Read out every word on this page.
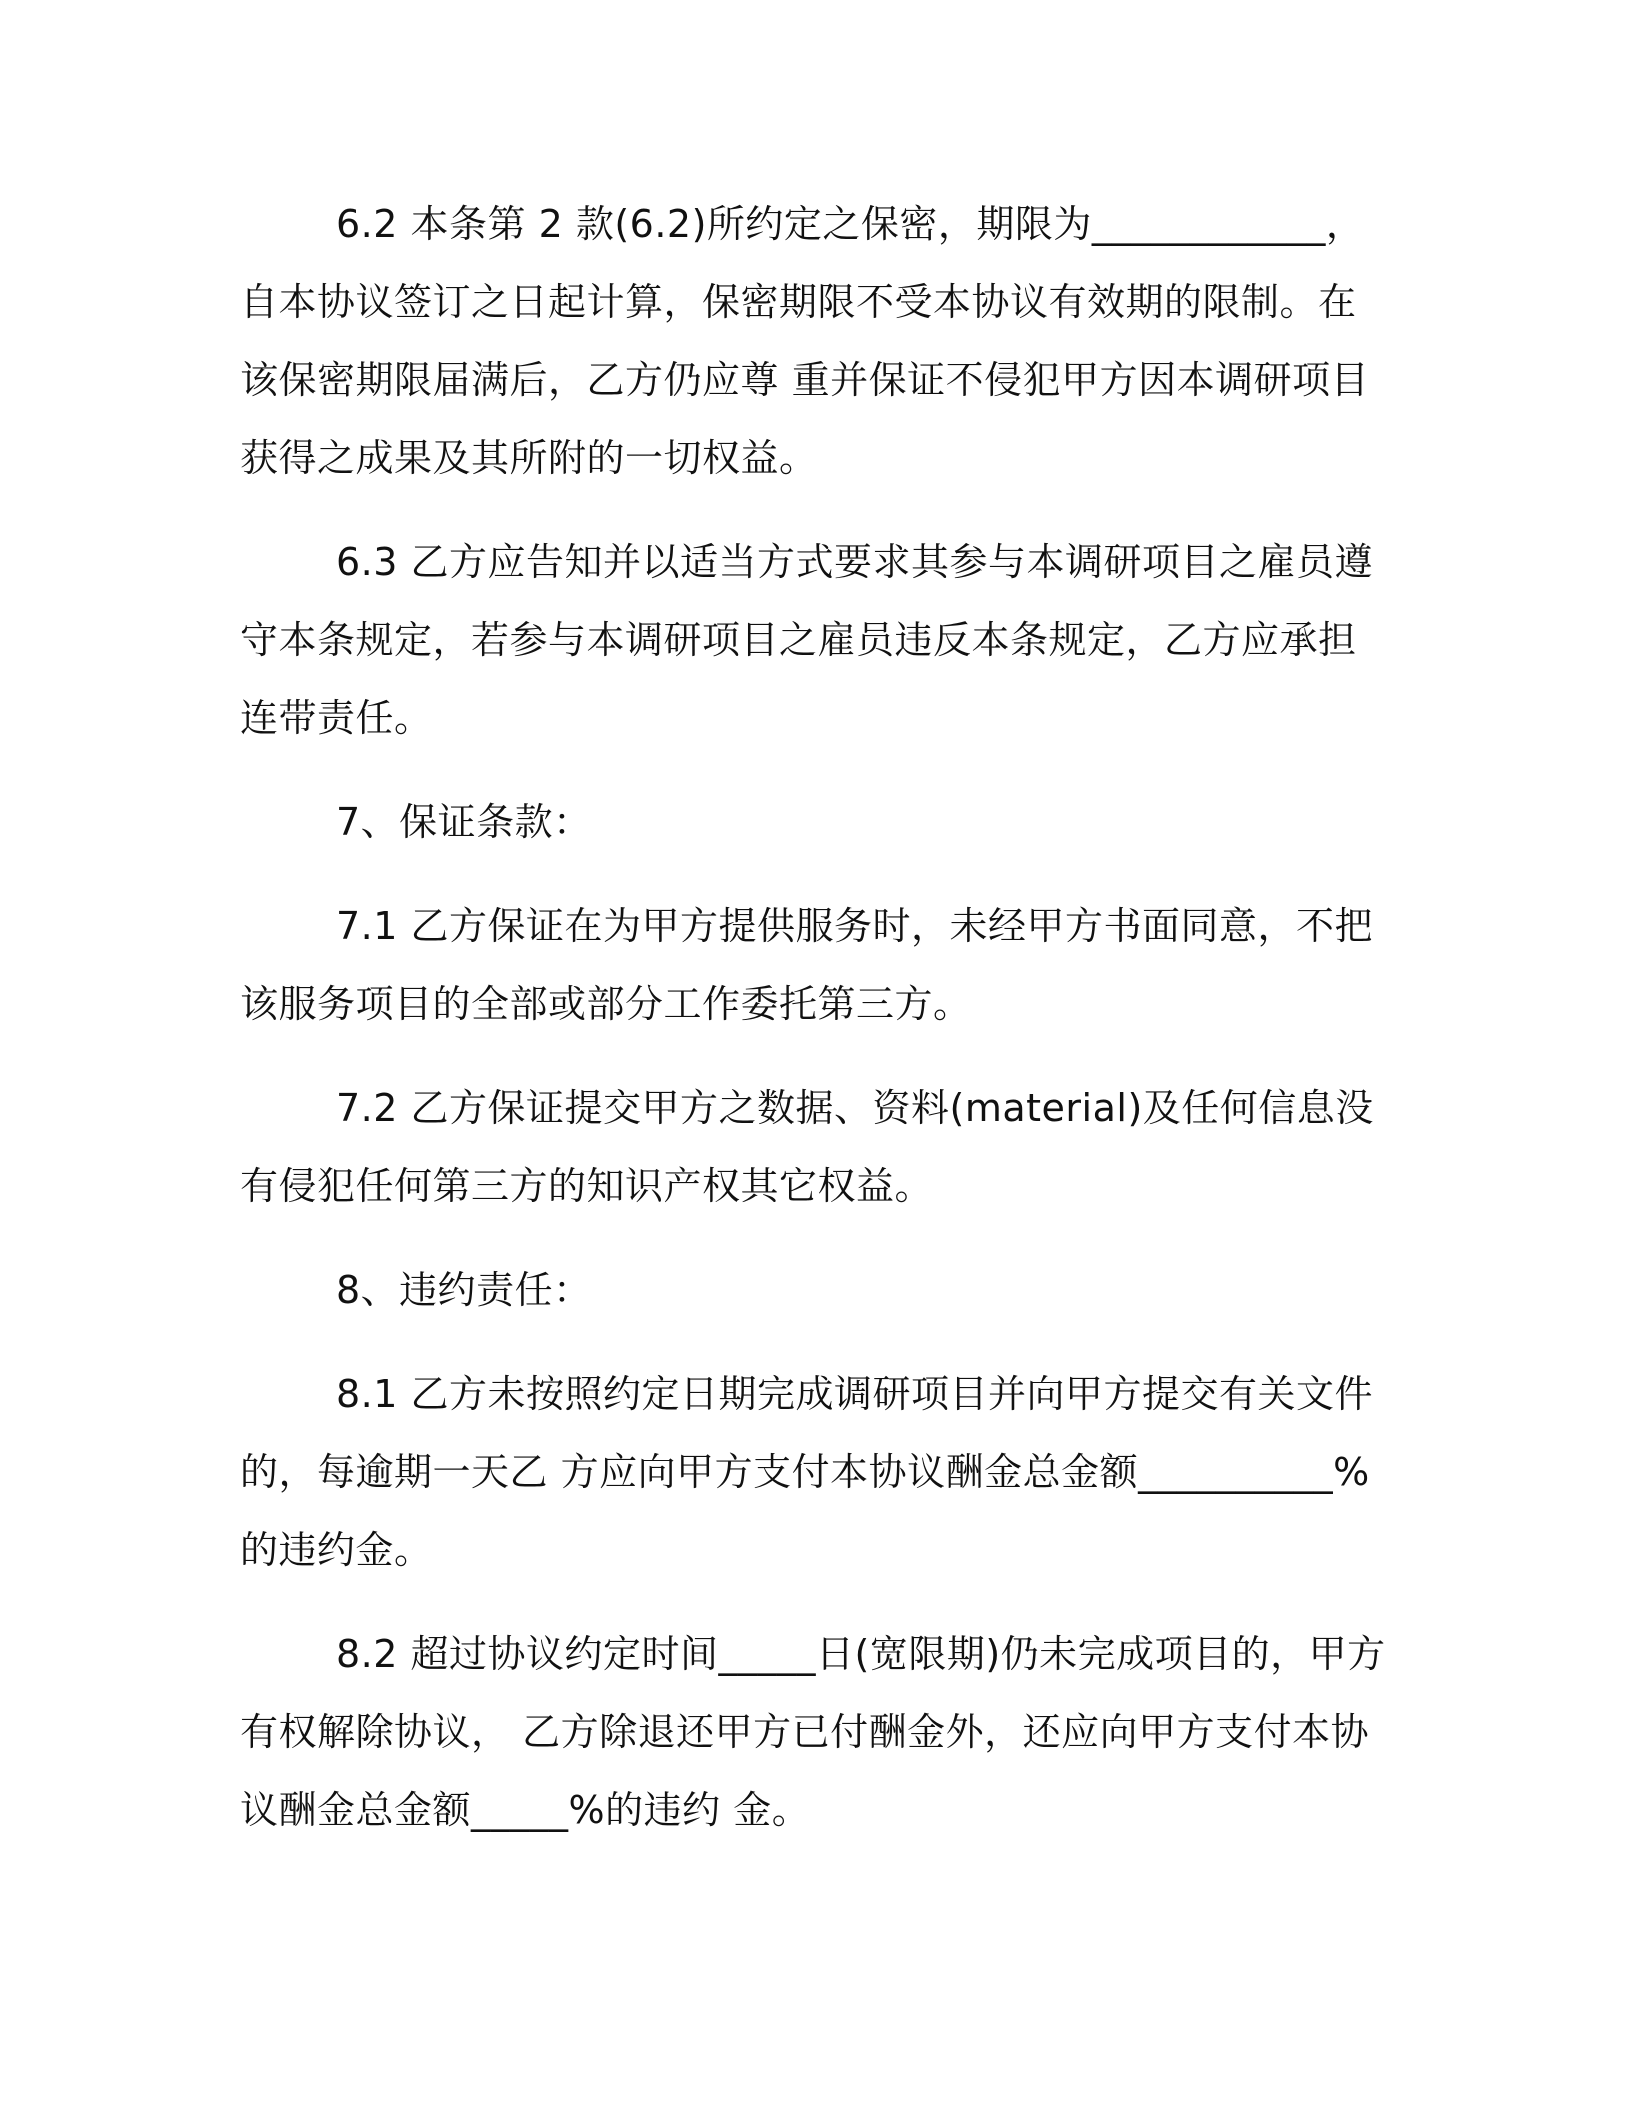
6.2 本条第 2 款(6.2)所约定之保密，期限为____________，自本协议签订之日起计算，保密期限不受本协议有效期的限制。在该保密期限届满后，乙方仍应尊 重并保证不侵犯甲方因本调研项目获得之成果及其所附的一切权益。

6.3 乙方应告知并以适当方式要求其参与本调研项目之雇员遵守本条规定，若参与本调研项目之雇员违反本条规定，乙方应承担连带责任。

7、保证条款：

7.1 乙方保证在为甲方提供服务时，未经甲方书面同意，不把该服务项目的全部或部分工作委托第三方。

7.2 乙方保证提交甲方之数据、资料(material)及任何信息没有侵犯任何第三方的知识产权其它权益。

8、违约责任：

8.1 乙方未按照约定日期完成调研项目并向甲方提交有关文件的，每逾期一天乙 方应向甲方支付本协议酬金总金额__________%的违约金。

8.2 超过协议约定时间_____日(宽限期)仍未完成项目的，甲方有权解除协议， 乙方除退还甲方已付酬金外，还应向甲方支付本协议酬金总金额_____%的违约 金。
